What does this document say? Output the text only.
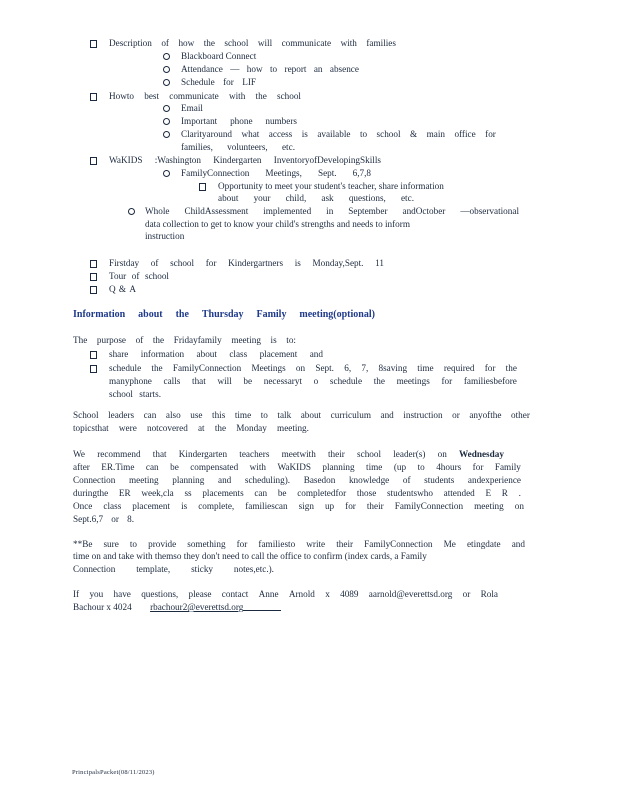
Description of how the school will communicate with families
Blackboard Connect
Attendance — how to report an absence
Schedule for LIF
Howto best communicate with the school
Email
Important phone numbers
Clarityaround what access is available to school & main office for
families, volunteers, etc.
WaKIDS :Washington Kindergarten InventoryofDevelopingSkills
FamilyConnection Meetings, Sept. 6,7,8
Opportunity to meet your student's teacher, share information
about your child, ask questions, etc.
Whole ChildAssessment implemented in September andOctober —observational
data collection to get to know your child's strengths and needs to inform
instruction
Firstday of school for Kindergartners is Monday,Sept. 11
Tour of school
Q & A
Information about the Thursday Family meeting(optional)
The purpose of the Fridayfamily meeting is to:
share information about class placement and
schedule the FamilyConnection Meetings on Sept. 6, 7, 8saving time required for the
manyphone calls that will be necessaryt o schedule the meetings for familiesbefore
school starts.
School leaders can also use this time to talk about curriculum and instruction or anyofthe other
topicsthat were notcovered at the Monday meeting.
We recommend that Kindergarten teachers meetwith their school leader(s) on Wednesday
after ER.Time can be compensated with WaKIDS planning time (up to 4hours for Family
Connection meeting planning and scheduling). Basedon knowledge of students andexperience
duringthe ER week,cla ss placements can be completedfor those studentswho attended E R .
Once class placement is complete, familiescan sign up for their FamilyConnection meeting on
Sept.6,7 or 8.
**Be sure to provide something for familiesto write their FamilyConnection Me etingdate and
time on and take with themso they don't need to call the office to confirm (index cards, a Family
Connection template, sticky notes,etc.).
If you have questions, please contact Anne Arnold x 4089 aarnold@everettsd.org or Rola
Bachour x 4024 rbachour2@everettsd.org
PrincipalsPacket(08/11/2023)
